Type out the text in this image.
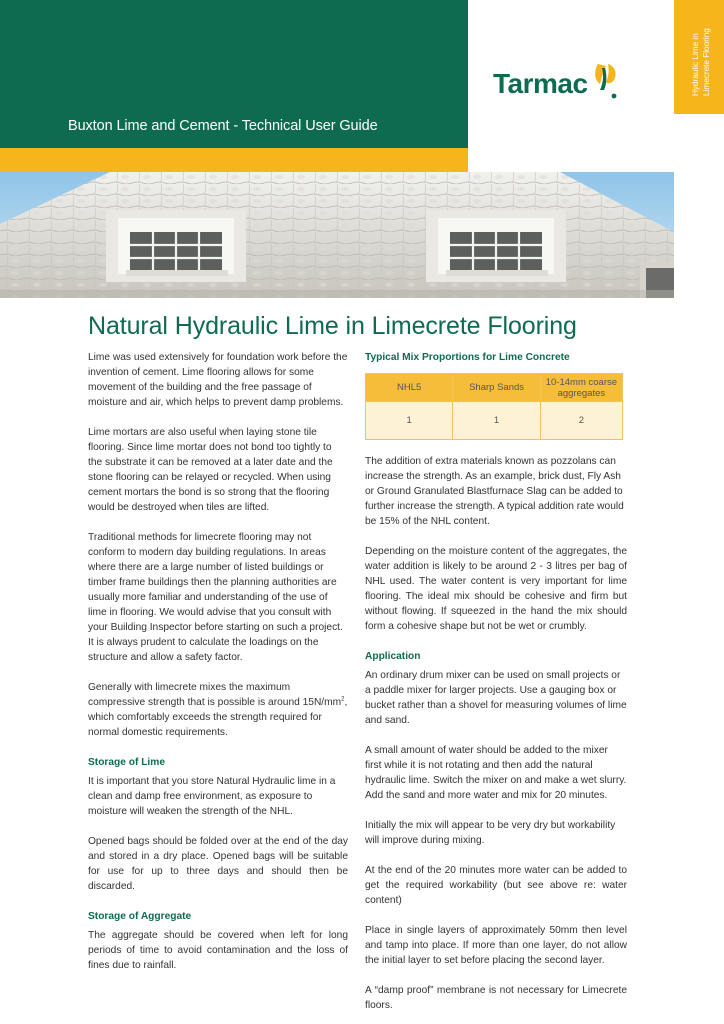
Buxton Lime and Cement - Technical User Guide
Tarmac	Hydraulic Lime in Limecrete Flooring
Natural Hydraulic Lime in Limecrete Flooring

Lime was used extensively for foundation work before the invention of cement. Lime flooring allows for some movement of the building and the free passage of moisture and air, which helps to prevent damp problems.

Lime mortars are also useful when laying stone tile flooring. Since lime mortar does not bond too tightly to the substrate it can be removed at a later date and the stone flooring can be relayed or recycled. When using cement mortars the bond is so strong that the flooring would be destroyed when tiles are lifted.

Traditional methods for limecrete flooring may not conform to modern day building regulations. In areas where there are a large number of listed buildings or timber frame buildings then the planning authorities are usually more familiar and understanding of the use of lime in flooring. We would advise that you consult with your Building Inspector before starting on such a project. It is always prudent to calculate the loadings on the structure and allow a safety factor.

Generally with limecrete mixes the maximum compressive strength that is possible is around $15N/mm^2$, which comfortably exceeds the strength required for normal domestic requirements.

Storage of Lime

It is important that you store Natural Hydraulic lime in a clean and damp free environment, as exposure to moisture will weaken the strength of the NHL.

Opened bags should be folded over at the end of the day and stored in a dry place. Opened bags will be suitable for use for up to three days and should then be discarded.

Storage of Aggregate

The aggregate should be covered when left for long periods of time to avoid contamination and the loss of fines due to rainfall.

Typical Mix Proportions for Lime Concrete
NHL5	Sharp Sands	10-14mm coarse aggregates
1	1	2

The addition of extra materials known as pozzolans can increase the strength. As an example, brick dust, Fly Ash or Ground Granulated Blastfurnace Slag can be added to further increase the strength. A typical addition rate would be 15% of the NHL content.

Depending on the moisture content of the aggregates, the water addition is likely to be around 2 - 3 litres per bag of NHL used. The water content is very important for lime flooring. The ideal mix should be cohesive and firm but without flowing. If squeezed in the hand the mix should form a cohesive shape but not be wet or crumbly.

Application

An ordinary drum mixer can be used on small projects or a paddle mixer for larger projects. Use a gauging box or bucket rather than a shovel for measuring volumes of lime and sand.

A small amount of water should be added to the mixer first while it is not rotating and then add the natural hydraulic lime. Switch the mixer on and make a wet slurry. Add the sand and more water and mix for 20 minutes.

Initially the mix will appear to be very dry but workability will improve during mixing.

At the end of the 20 minutes more water can be added to get the required workability (but see above re: water content)

Place in single layers of approximately 50mm then level and tamp into place. If more than one layer, do not allow the initial layer to set before placing the second layer.

A “damp proof” membrane is not necessary for Limecrete floors.
